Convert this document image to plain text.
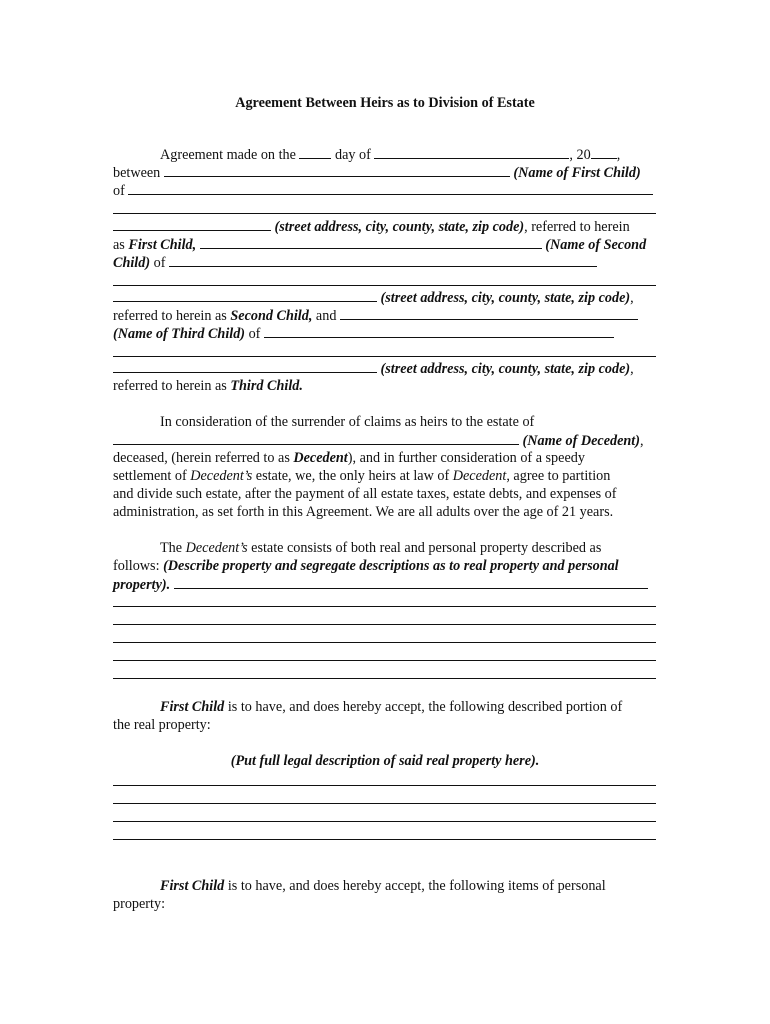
Agreement Between Heirs as to Division of Estate
Agreement made on the	day of	, 20 ,
between	(Name of First Child)
of
(street address, city, county, state, zip code), referred to herein
as First Child,	(Name of Second
Child) of
(street address, city, county, state, zip code),
referred to herein as Second Child, and
(Name of Third Child) of
(street address, city, county, state, zip code),
referred to herein as Third Child.
In consideration of the surrender of claims as heirs to the estate of
(Name of Decedent),
deceased, (herein referred to as Decedent), and in further consideration of a speedy
settlement of Decedent’s estate, we, the only heirs at law of Decedent, agree to partition
and divide such estate, after the payment of all estate taxes, estate debts, and expenses of
administration, as set forth in this Agreement. We are all adults over the age of 21 years.
The Decedent’s estate consists of both real and personal property described as
follows: (Describe property and segregate descriptions as to real property and personal
property).
First Child is to have, and does hereby accept, the following described portion of
the real property:
(Put full legal description of said real property here).
First Child is to have, and does hereby accept, the following items of personal
property:
